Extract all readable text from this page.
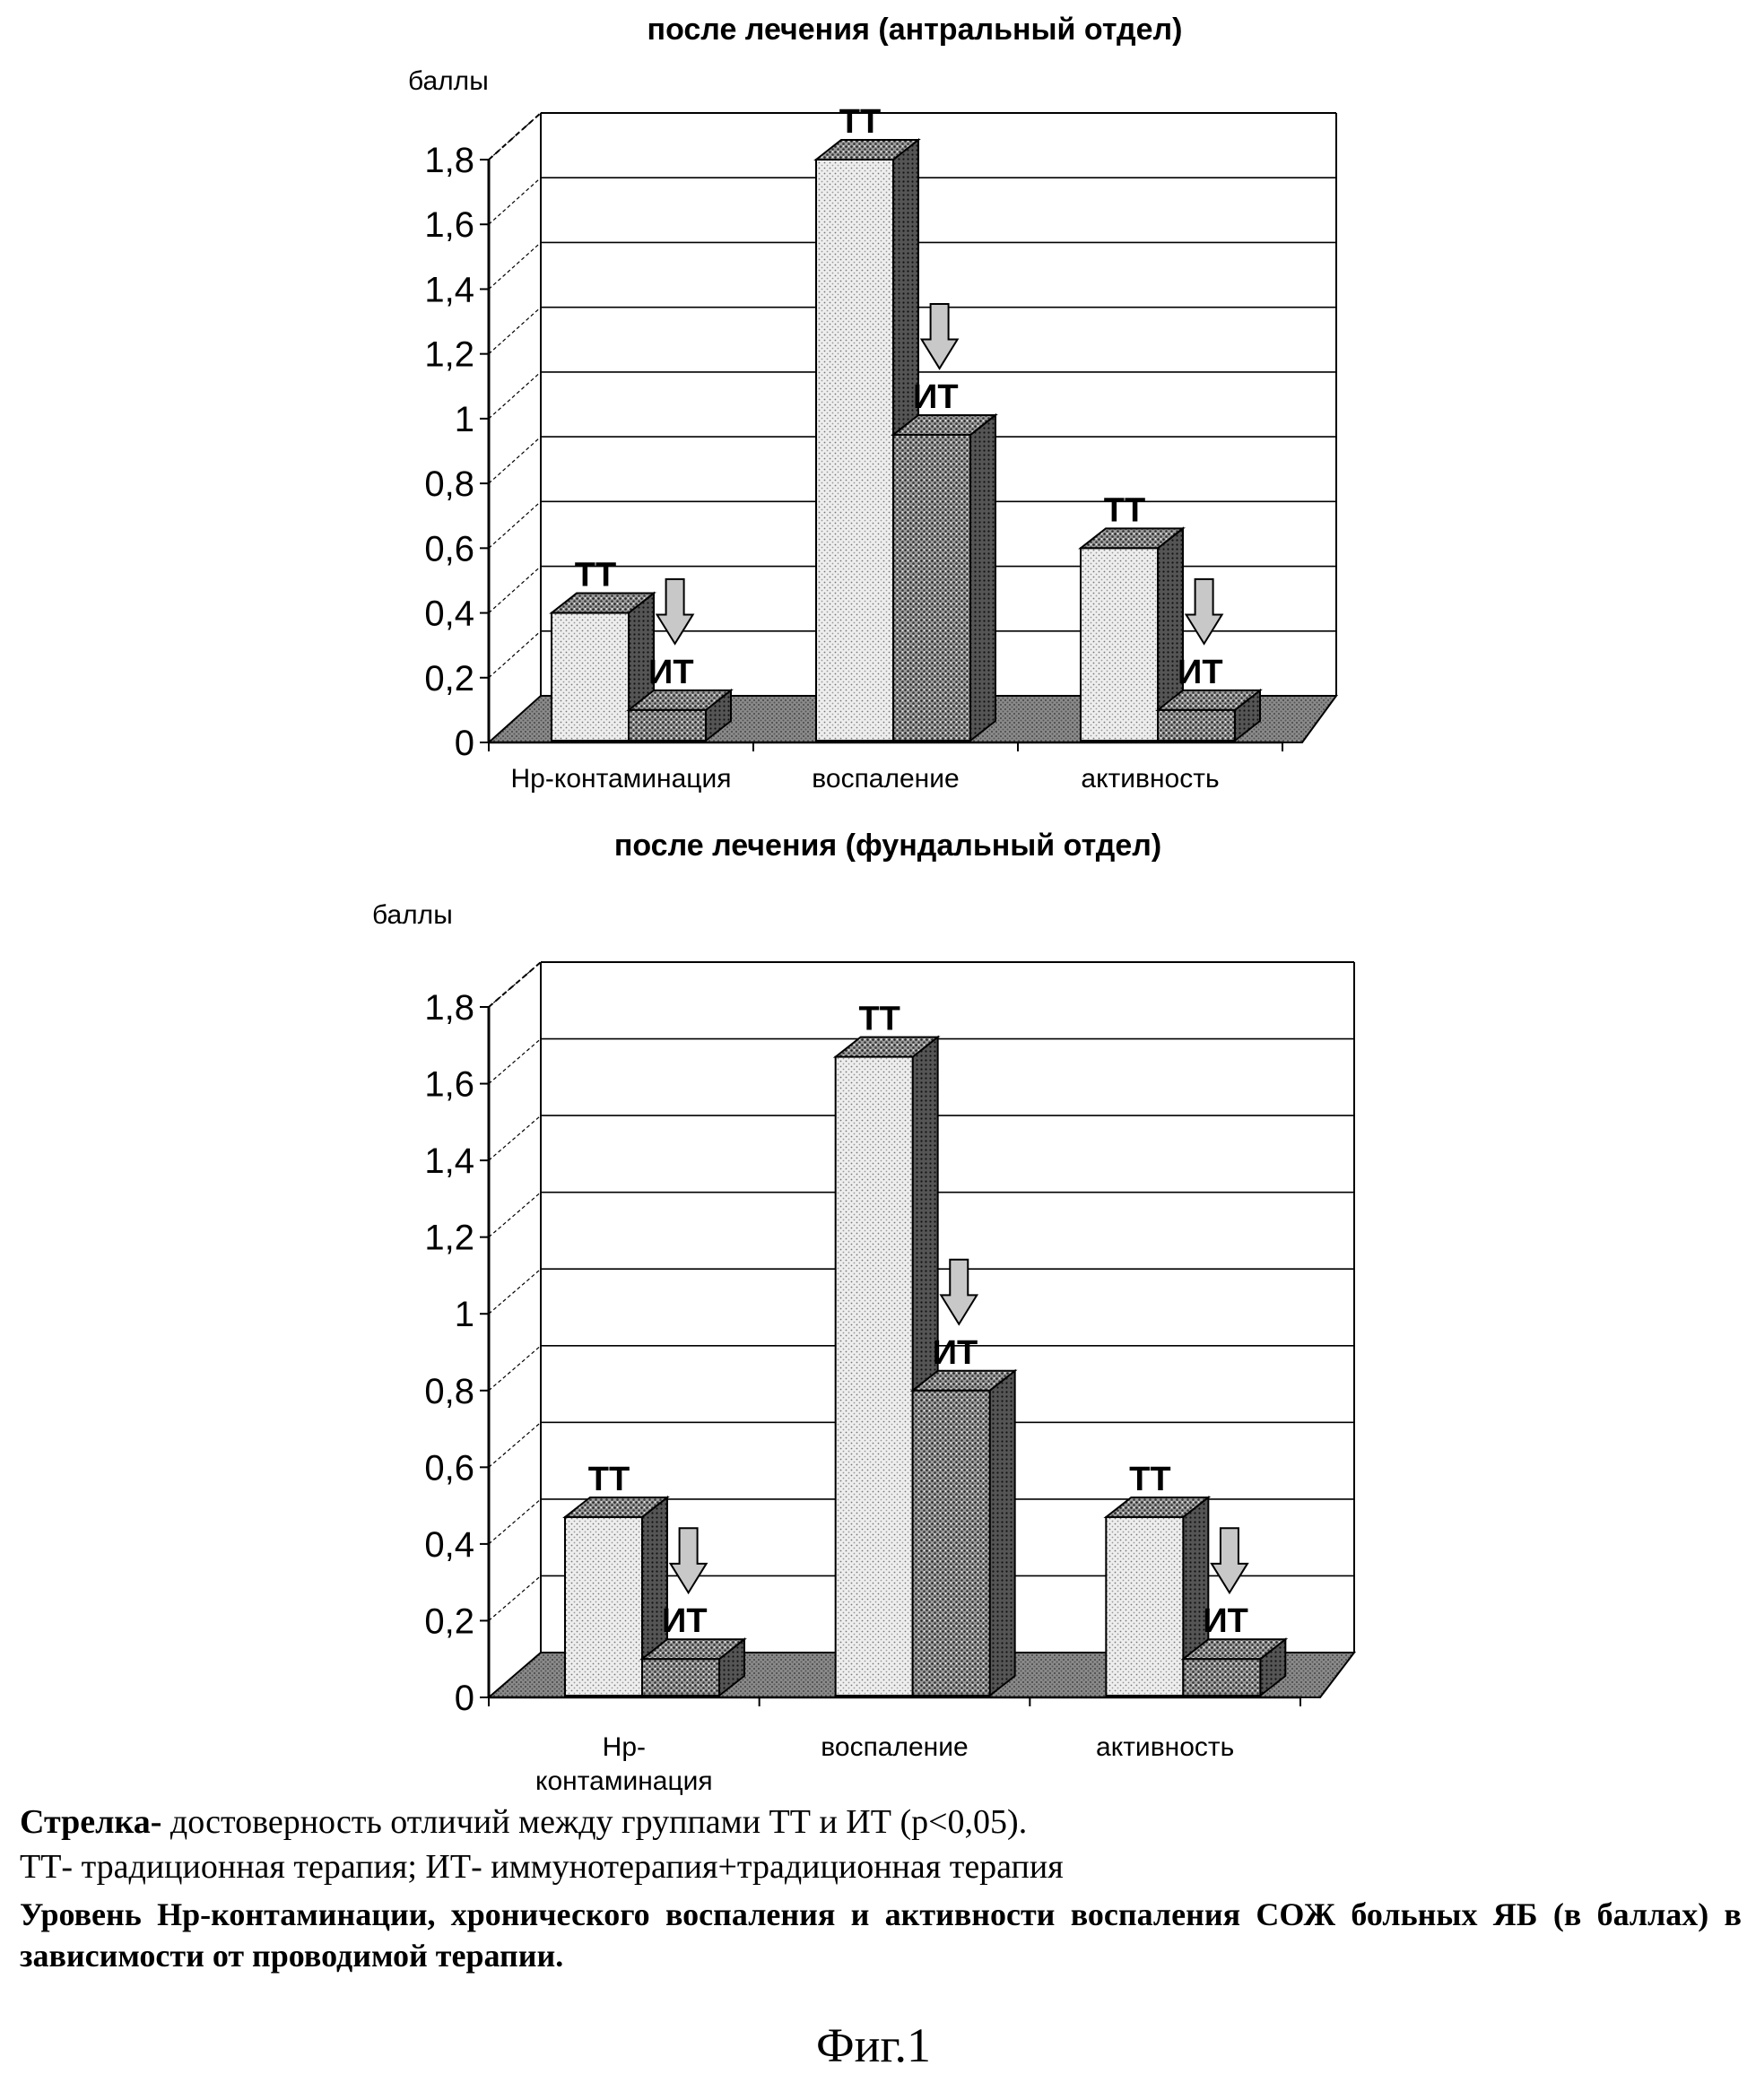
после лечения (антральный отдел)
баллы
0
0,2
0,4
0,6
0,8
1
1,2
1,4
1,6
1,8
ТТ
ИТ
Нр-контаминация
ТТ
ИТ
воспаление
ТТ
ИТ
активность
после лечения (фундальный отдел)
баллы
0
0,2
0,4
0,6
0,8
1
1,2
1,4
1,6
1,8
ТТ
ИТ
Нр-
контаминация
ТТ
ИТ
воспаление
ТТ
ИТ
активность
Стрелка- достоверность отличий между группами ТТ и ИТ (p<0,05).
ТТ- традиционная терапия; ИТ- иммунотерапия+традиционная терапия
Уровень Нр-контаминации, хронического воспаления и активности воспаления СОЖ больных ЯБ (в баллах) в зависимости от проводимой терапии.
Фиг.1
